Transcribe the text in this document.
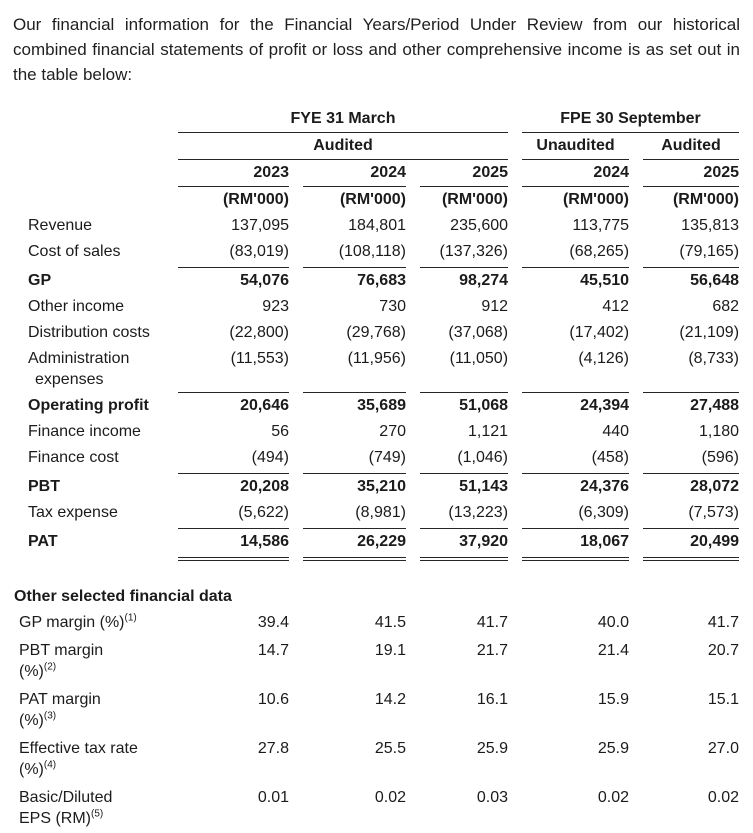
Our financial information for the Financial Years/Period Under Review from our historical combined financial statements of profit or loss and other comprehensive income is as set out in the table below:

	FYE 31 March			FPE 30 September	
	Audited			Unaudited	Audited
	2023	2024	2025	2024	2025
	(RM'000)	(RM'000)	(RM'000)	(RM'000)	(RM'000)
Revenue	137,095	184,801	235,600	113,775	135,813
Cost of sales	(83,019)	(108,118)	(137,326)	(68,265)	(79,165)
GP	54,076	76,683	98,274	45,510	56,648
Other income	923	730	912	412	682
Distribution costs	(22,800)	(29,768)	(37,068)	(17,402)	(21,109)
Administration
expenses	(11,553)	(11,956)	(11,050)	(4,126)	(8,733)
Operating profit	20,646	35,689	51,068	24,394	27,488
Finance income	56	270	1,121	440	1,180
Finance cost	(494)	(749)	(1,046)	(458)	(596)
PBT	20,208	35,210	51,143	24,376	28,072
Tax expense	(5,622)	(8,981)	(13,223)	(6,309)	(7,573)
PAT	14,586	26,229	37,920	18,067	20,499
Other selected financial data
GP margin (%)$^{(1)}$	39.4	41.5	41.7	40.0	41.7
PBT margin
(%)$^{(2)}$	14.7	19.1	21.7	21.4	20.7
PAT margin
(%)$^{(3)}$	10.6	14.2	16.1	15.9	15.1
Effective tax rate
(%)$^{(4)}$	27.8	25.5	25.9	25.9	27.0
Basic/Diluted
EPS (RM)$^{(5)}$	0.01	0.02	0.03	0.02	0.02
